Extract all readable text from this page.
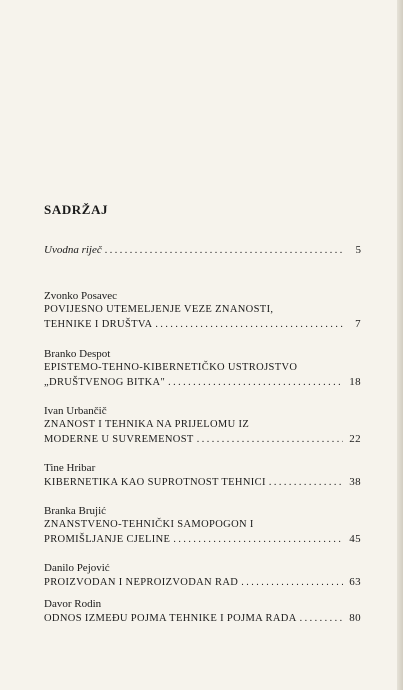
SADRŽAJ
Uvodna riječ . . .	5
Zvonko Posavec
POVIJESNO UTEMELJENJE VEZE ZNANOSTI,
TEHNIKE I DRUŠTVA . . .	7
Branko Despot
EPISTEMO-TEHNO-KIBERNETIČKO USTROJSTVO
„DRUŠTVENOG BITKA" . . .	18
Ivan Urbančič
ZNANOST I TEHNIKA NA PRIJELOMU IZ
MODERNE U SUVREMENOST . . .	22
Tine Hribar
KIBERNETIKA KAO SUPROTNOST TEHNICI . . .	38
Branka Brujić
ZNANSTVENO-TEHNIČKI SAMOPOGON I
PROMIŠLJANJE CJELINE . . .	45
Danilo Pejović
PROIZVODAN I NEPROIZVODAN RAD . . .	63
Davor Rodin
ODNOS IZMEĐU POJMA TEHNIKE I POJMA RADA . . .	80
